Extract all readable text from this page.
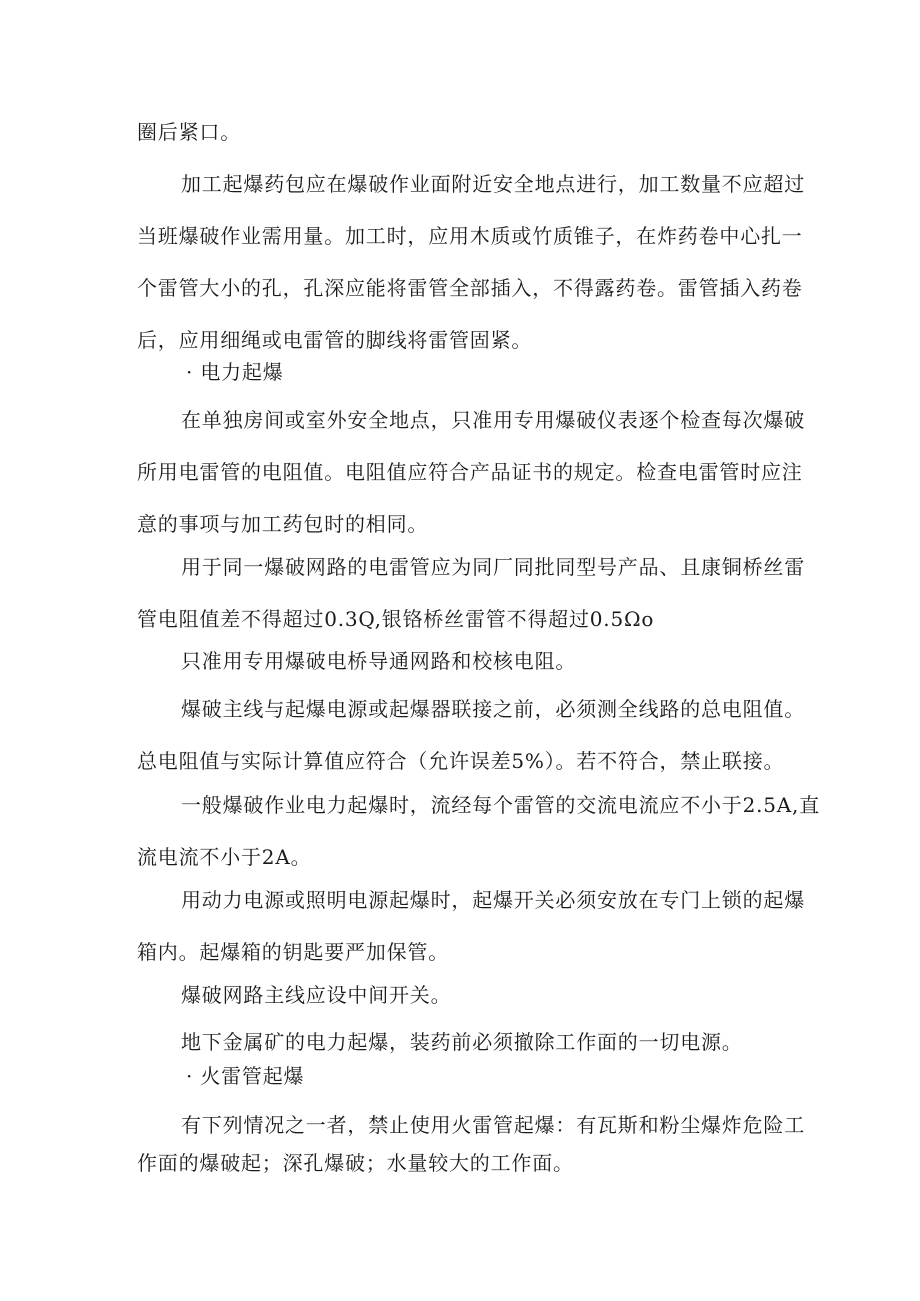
圈后紧口。
加工起爆药包应在爆破作业面附近安全地点进行，加工数量不应超过
当班爆破作业需用量。加工时，应用木质或竹质锥子，在炸药卷中心扎一
个雷管大小的孔，孔深应能将雷管全部插入，不得露药卷。雷管插入药卷
后，应用细绳或电雷管的脚线将雷管固紧。
· 电力起爆
在单独房间或室外安全地点，只准用专用爆破仪表逐个检查每次爆破
所用电雷管的电阻值。电阻值应符合产品证书的规定。检查电雷管时应注
意的事项与加工药包时的相同。
用于同一爆破网路的电雷管应为同厂同批同型号产品、且康铜桥丝雷
管电阻值差不得超过0.3Q,银铬桥丝雷管不得超过0.5Ωo
只准用专用爆破电桥导通网路和校核电阻。
爆破主线与起爆电源或起爆器联接之前，必须测全线路的总电阻值。
总电阻值与实际计算值应符合（允许误差5%）。若不符合，禁止联接。
一般爆破作业电力起爆时，流经每个雷管的交流电流应不小于2.5A,直
流电流不小于2A。
用动力电源或照明电源起爆时，起爆开关必须安放在专门上锁的起爆
箱内。起爆箱的钥匙要严加保管。
爆破网路主线应设中间开关。
地下金属矿的电力起爆，装药前必须撤除工作面的一切电源。
· 火雷管起爆
有下列情况之一者，禁止使用火雷管起爆：有瓦斯和粉尘爆炸危险工
作面的爆破起；深孔爆破；水量较大的工作面。
